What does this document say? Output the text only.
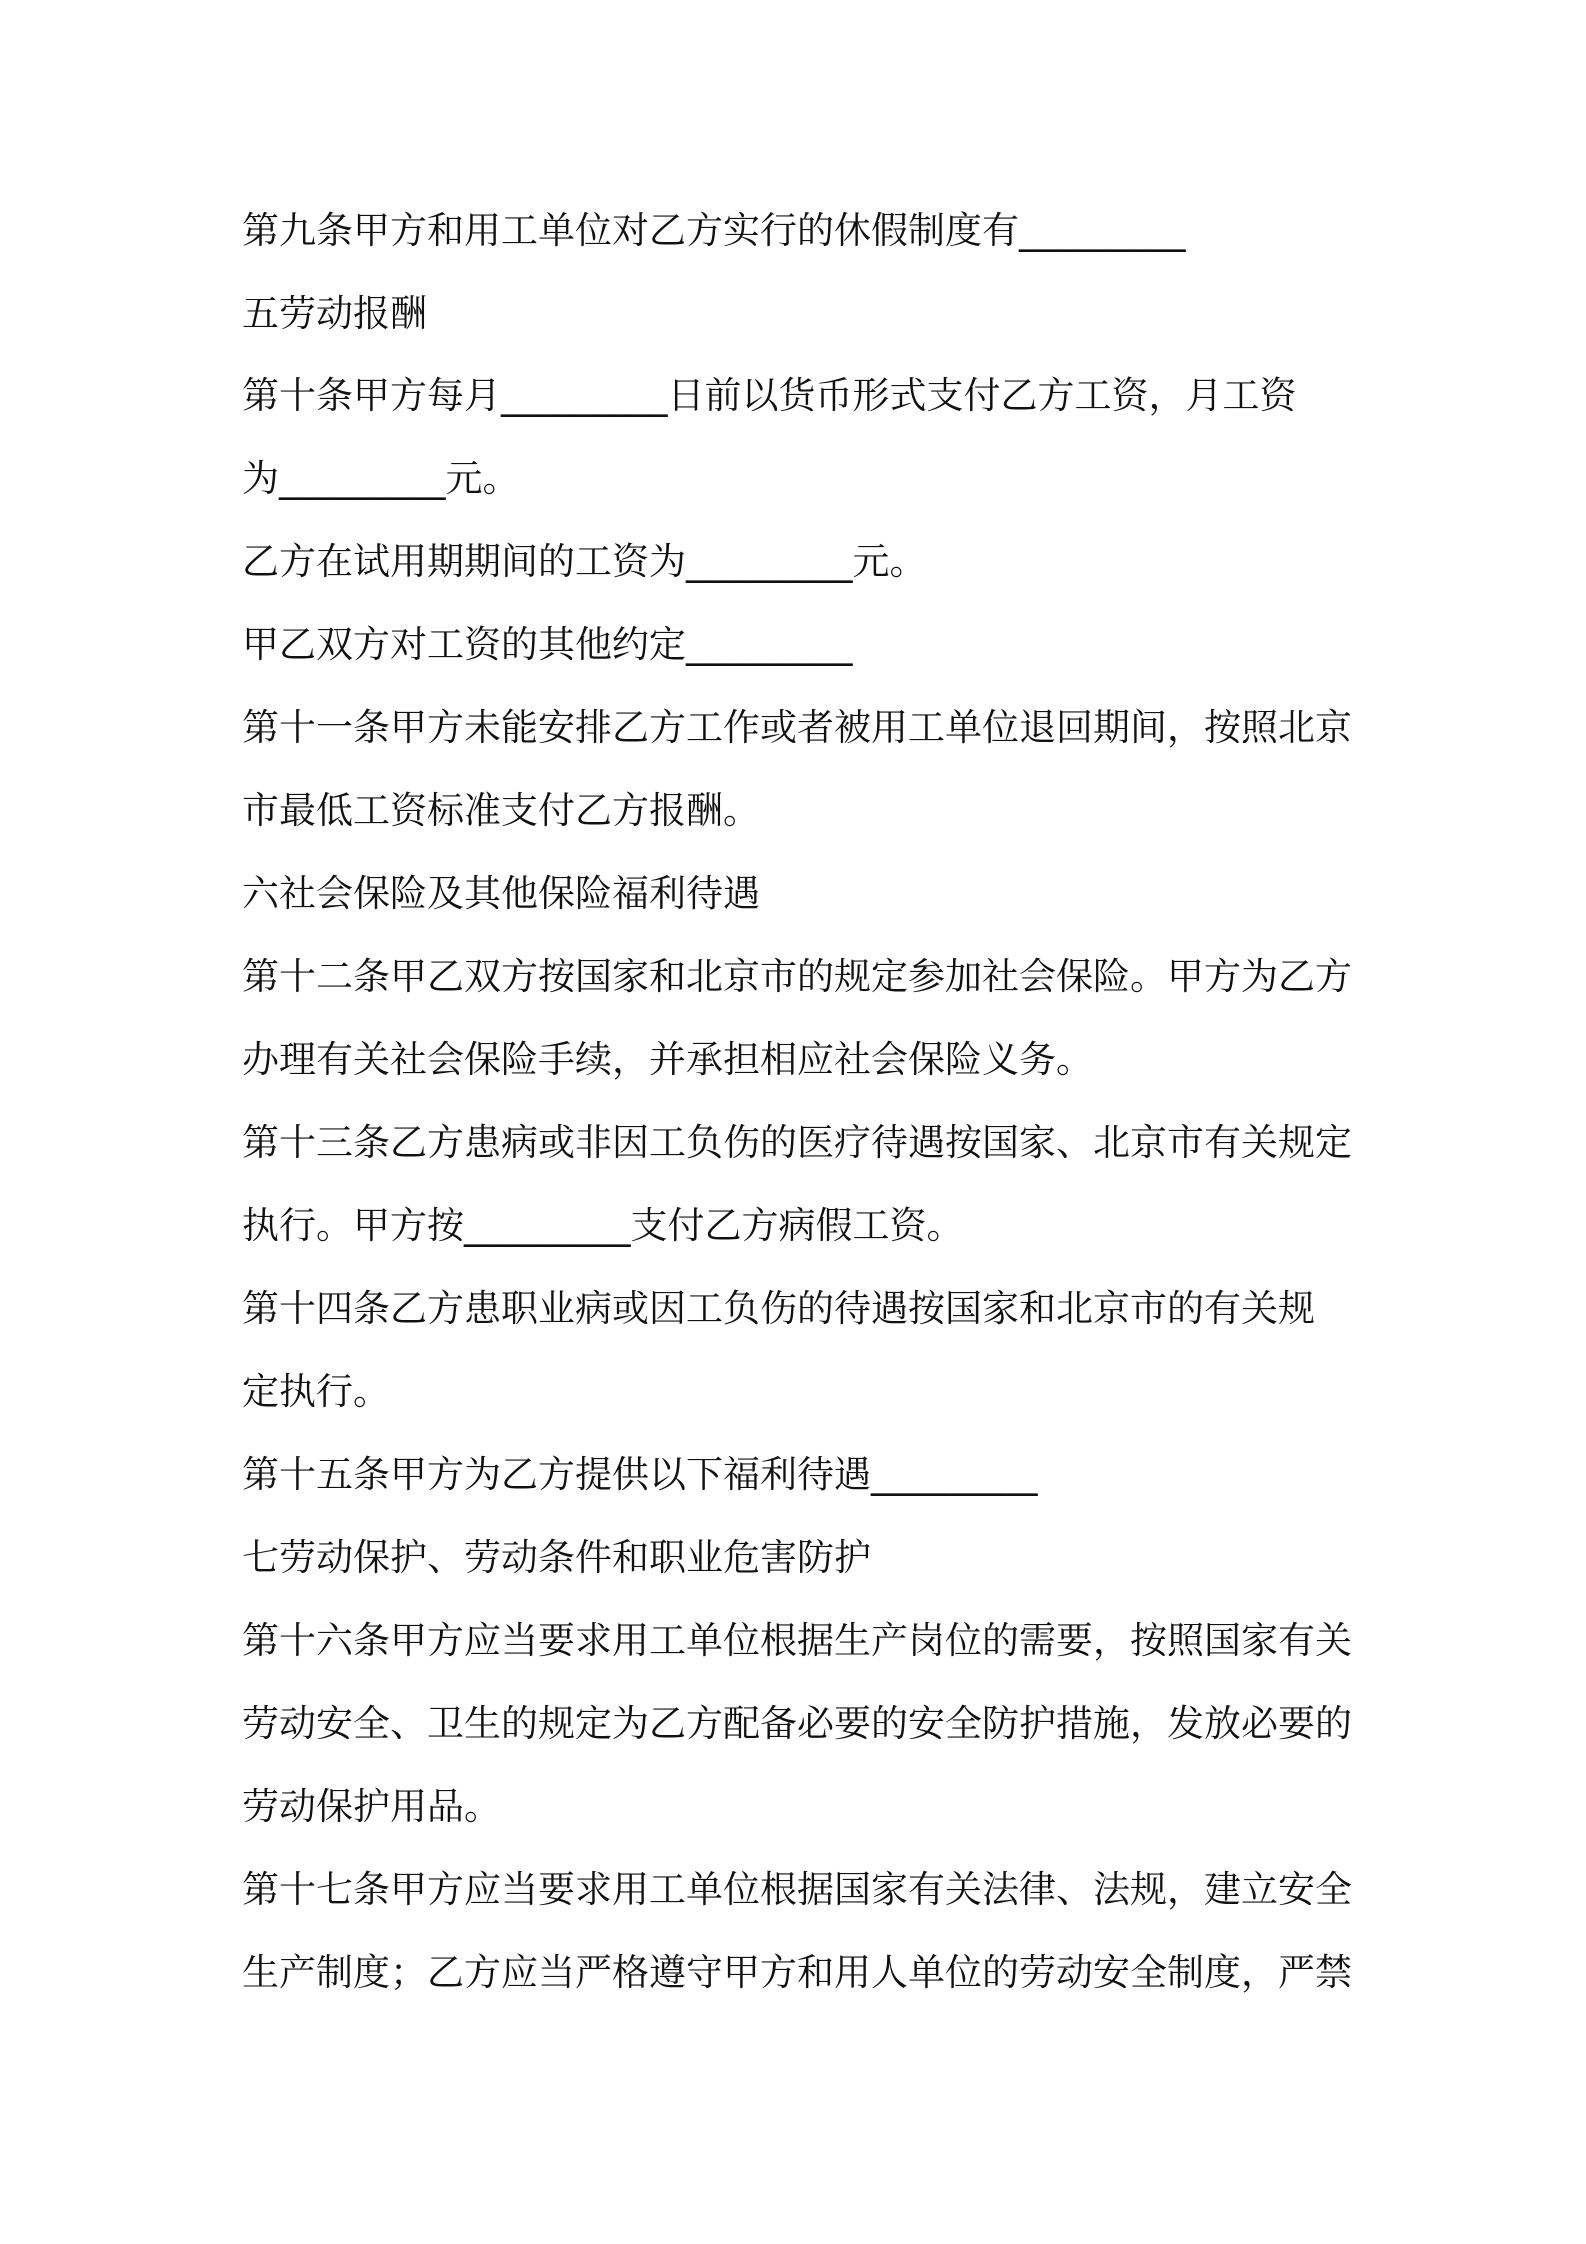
第九条甲方和用工单位对乙方实行的休假制度有_________
五劳动报酬
第十条甲方每月_________日前以货币形式支付乙方工资，月工资
为_________元。
乙方在试用期期间的工资为_________元。
甲乙双方对工资的其他约定_________
第十一条甲方未能安排乙方工作或者被用工单位退回期间，按照北京
市最低工资标准支付乙方报酬。
六社会保险及其他保险福利待遇
第十二条甲乙双方按国家和北京市的规定参加社会保险。甲方为乙方
办理有关社会保险手续，并承担相应社会保险义务。
第十三条乙方患病或非因工负伤的医疗待遇按国家、北京市有关规定
执行。甲方按_________支付乙方病假工资。
第十四条乙方患职业病或因工负伤的待遇按国家和北京市的有关规
定执行。
第十五条甲方为乙方提供以下福利待遇_________
七劳动保护、劳动条件和职业危害防护
第十六条甲方应当要求用工单位根据生产岗位的需要，按照国家有关
劳动安全、卫生的规定为乙方配备必要的安全防护措施，发放必要的
劳动保护用品。
第十七条甲方应当要求用工单位根据国家有关法律、法规，建立安全
生产制度；乙方应当严格遵守甲方和用人单位的劳动安全制度，严禁
